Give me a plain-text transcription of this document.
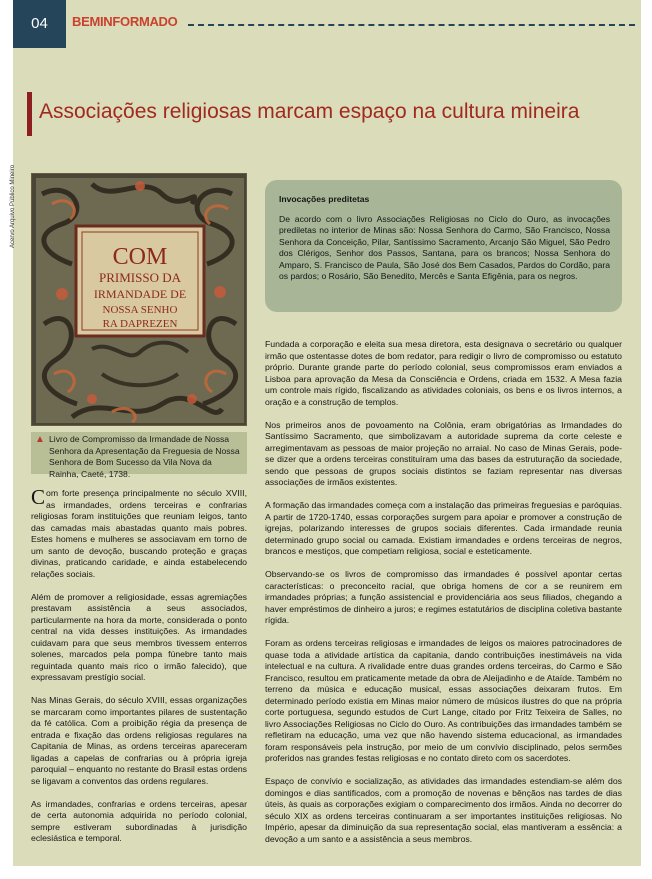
04	BEMINFORMADO
Associações religiosas marcam espaço na cultura mineira
Acervo Arquivo Público Mineiro
COM
PRIMISSO DA
IRMANDADE DE
NOSSA SENHO
RA DAPREZEN
▲ Livro de Compromisso da Irmandade de Nossa Senhora da Apresentação da Freguesia de Nossa Senhora de Bom Sucesso da Vila Nova da Rainha, Caeté, 1738.

Com forte presença principalmente no século XVIII, as irmandades, ordens terceiras e confrarias religiosas foram instituições que reuniam leigos, tanto das camadas mais abastadas quanto mais pobres. Estes homens e mulheres se associavam em torno de um santo de devoção, buscando proteção e graças divinas, praticando caridade, e ainda estabelecendo relações sociais.

Além de promover a religiosidade, essas agremiações prestavam assistência a seus associados, particularmente na hora da morte, considerada o ponto central na vida desses instituições. As irmandades cuidavam para que seus membros tivessem enterros solenes, marcados pela pompa fúnebre tanto mais reguintada quanto mais rico o irmão falecido), que expressavam prestígio social.

Nas Minas Gerais, do século XVIII, essas organizações se marcaram como importantes pilares de sustentação da fé católica. Com a proibição régia da presença de entrada e fixação das ordens religiosas regulares na Capitania de Minas, as ordens terceiras apareceram ligadas a capelas de confrarias ou à própria igreja paroquial – enquanto no restante do Brasil estas ordens se ligavam a conventos das ordens regulares.

As irmandades, confrarias e ordens terceiras, apesar de certa autonomia adquirida no período colonial, sempre estiveram subordinadas à jurisdição eclesiástica e temporal.

Invocações preditetas
De acordo com o livro Associações Religiosas no Ciclo do Ouro, as invocações prediletas no interior de Minas são: Nossa Senhora do Carmo, São Francisco, Nossa Senhora da Conceição, Pilar, Santíssimo Sacramento, Arcanjo São Miguel, São Pedro dos Clérigos, Senhor dos Passos, Santana, para os brancos; Nossa Senhora do Amparo, S. Francisco de Paula, São José dos Bem Casados, Pardos do Cordão, para os pardos; o Rosário, São Benedito, Mercês e Santa Efigênia, para os negros.

Fundada a corporação e eleita sua mesa diretora, esta designava o secretário ou qualquer irmão que ostentasse dotes de bom redator, para redigir o livro de compromisso ou estatuto próprio. Durante grande parte do período colonial, seus compromissos eram enviados a Lisboa para aprovação da Mesa da Consciência e Ordens, criada em 1532. A Mesa fazia um controle mais rígido, fiscalizando as atividades coloniais, os bens e os livros internos, a oração e a construção de templos.

Nos primeiros anos de povoamento na Colônia, eram obrigatórias as Irmandades do Santíssimo Sacramento, que simbolizavam a autoridade suprema da corte celeste e arregimentavam as pessoas de maior projeção no arraial. No caso de Minas Gerais, pode-se dizer que a ordens terceiras constituíram uma das bases da estruturação da sociedade, sendo que pessoas de grupos sociais distintos se faziam representar nas diversas associações de irmãos existentes.

A formação das irmandades começa com a instalação das primeiras freguesias e paróquias. A partir de 1720-1740, essas corporações surgem para apoiar e promover a construção de igrejas, polarizando interesses de grupos sociais diferentes. Cada irmandade reunia determinado grupo social ou camada. Existiam irmandades e ordens terceiras de negros, brancos e mestiços, que competiam religiosa, social e esteticamente.

Observando-se os livros de compromisso das irmandades é possível apontar certas características: o preconceito racial, que obriga homens de cor a se reunirem em irmandades próprias; a função assistencial e providenciária aos seus filiados, chegando a haver empréstimos de dinheiro a juros; e regimes estatutários de disciplina coletiva bastante rígida.

Foram as ordens terceiras religiosas e irmandades de leigos os maiores patrocinadores de quase toda a atividade artística da capitania, dando contribuições inestimáveis na vida intelectual e na cultura. A rivalidade entre duas grandes ordens terceiras, do Carmo e São Francisco, resultou em praticamente metade da obra de Aleijadinho e de Ataíde. Também no terreno da música e educação musical, essas associações deixaram frutos. Em determinado período existia em Minas maior número de músicos ilustres do que na própria corte portuguesa, segundo estudos de Curt Lange, citado por Fritz Teixeira de Salles, no livro Associações Religiosas no Ciclo do Ouro. As contribuições das irmandades também se refletiram na educação, uma vez que não havendo sistema educacional, as irmandades foram responsáveis pela instrução, por meio de um convívio disciplinado, pelos sermões proferidos nas grandes festas religiosas e no contato direto com os sacerdotes.

Espaço de convívio e socialização, as atividades das irmandades estendiam-se além dos domingos e dias santificados, com a promoção de novenas e bênçãos nas tardes de dias úteis, às quais as corporações exigiam o comparecimento dos irmãos. Ainda no decorrer do século XIX as ordens terceiras continuaram a ser importantes instituições religiosas. No Império, apesar da diminuição da sua representação social, elas mantiveram a essência: a devoção a um santo e a assistência a seus membros.
